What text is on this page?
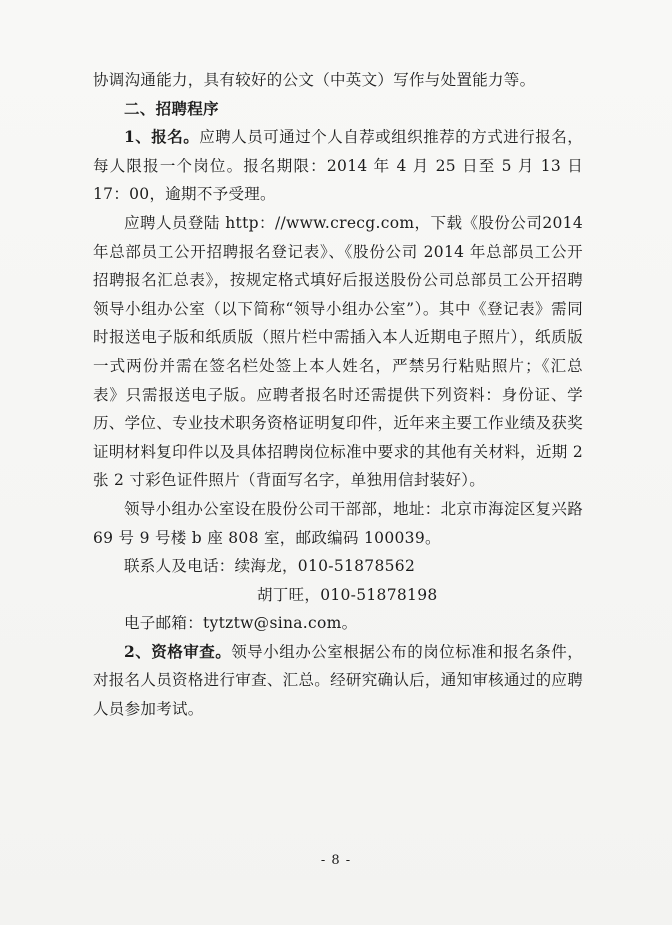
协调沟通能力，具有较好的公文（中英文）写作与处置能力等。

二、招聘程序

1、报名。应聘人员可通过个人自荐或组织推荐的方式进行报名，每人限报一个岗位。报名期限：2014 年 4 月 25 日至 5 月 13 日 17：00，逾期不予受理。

应聘人员登陆 http：//www.crecg.com，下载《股份公司2014 年总部员工公开招聘报名登记表》、《股份公司 2014 年总部员工公开招聘报名汇总表》，按规定格式填好后报送股份公司总部员工公开招聘领导小组办公室（以下简称“领导小组办公室”）。其中《登记表》需同时报送电子版和纸质版（照片栏中需插入本人近期电子照片），纸质版一式两份并需在签名栏处签上本人姓名，严禁另行粘贴照片；《汇总表》只需报送电子版。应聘者报名时还需提供下列资料：身份证、学历、学位、专业技术职务资格证明复印件，近年来主要工作业绩及获奖证明材料复印件以及具体招聘岗位标准中要求的其他有关材料，近期 2 张 2 寸彩色证件照片（背面写名字，单独用信封装好）。

领导小组办公室设在股份公司干部部，地址：北京市海淀区复兴路 69 号 9 号楼 b 座 808 室，邮政编码 100039。

联系人及电话：续海龙，010-51878562

胡丁旺，010-51878198

电子邮箱：tytztw@sina.com。

2、资格审查。领导小组办公室根据公布的岗位标准和报名条件，对报名人员资格进行审查、汇总。经研究确认后，通知审核通过的应聘人员参加考试。

- 8 -
